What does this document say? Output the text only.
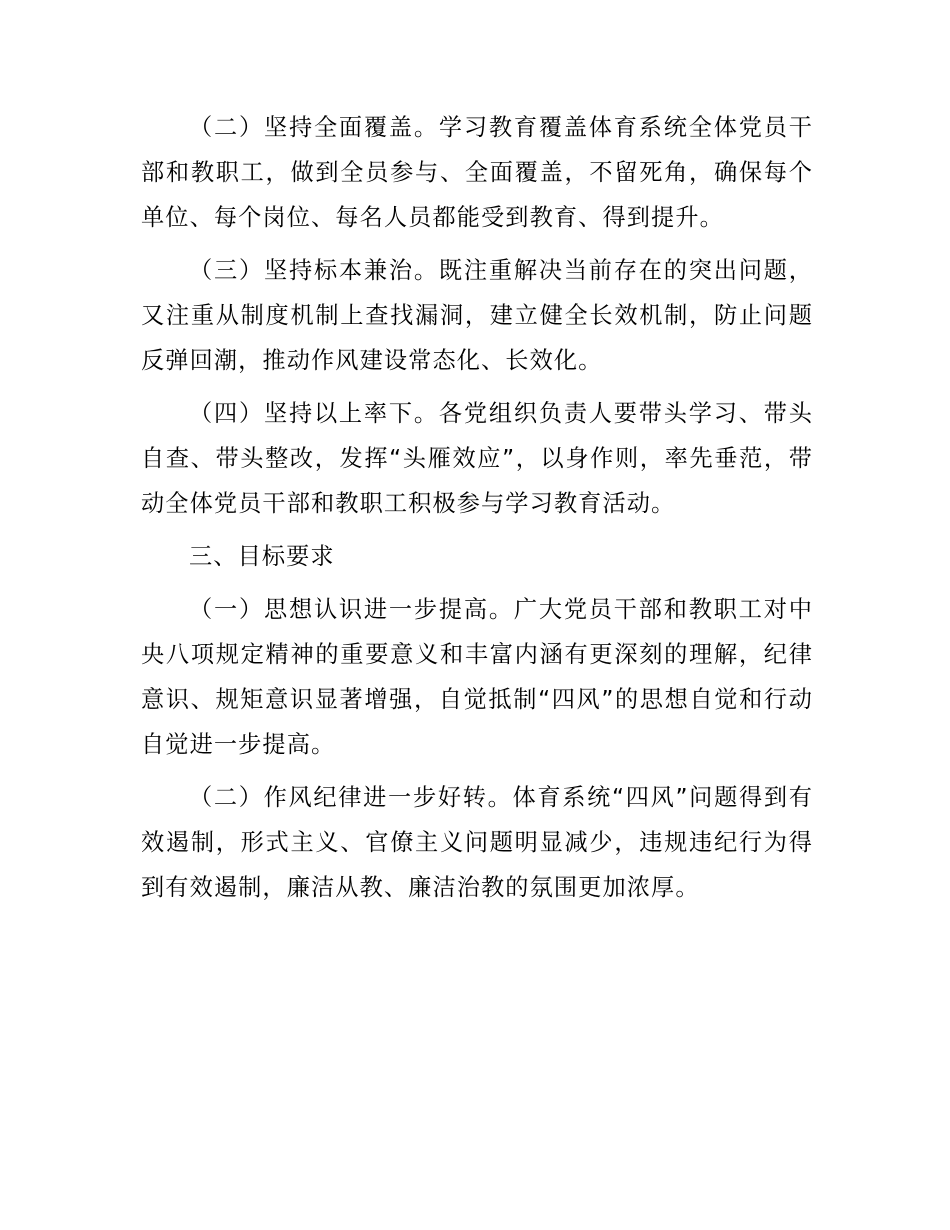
（二）坚持全面覆盖。学习教育覆盖体育系统全体党员干部和教职工，做到全员参与、全面覆盖，不留死角，确保每个单位、每个岗位、每名人员都能受到教育、得到提升。

（三）坚持标本兼治。既注重解决当前存在的突出问题，又注重从制度机制上查找漏洞，建立健全长效机制，防止问题反弹回潮，推动作风建设常态化、长效化。

（四）坚持以上率下。各党组织负责人要带头学习、带头自查、带头整改，发挥“头雁效应”，以身作则，率先垂范，带动全体党员干部和教职工积极参与学习教育活动。

三、目标要求

（一）思想认识进一步提高。广大党员干部和教职工对中央八项规定精神的重要意义和丰富内涵有更深刻的理解，纪律意识、规矩意识显著增强，自觉抵制“四风”的思想自觉和行动自觉进一步提高。

（二）作风纪律进一步好转。体育系统“四风”问题得到有效遏制，形式主义、官僚主义问题明显减少，违规违纪行为得到有效遏制，廉洁从教、廉洁治教的氛围更加浓厚。
